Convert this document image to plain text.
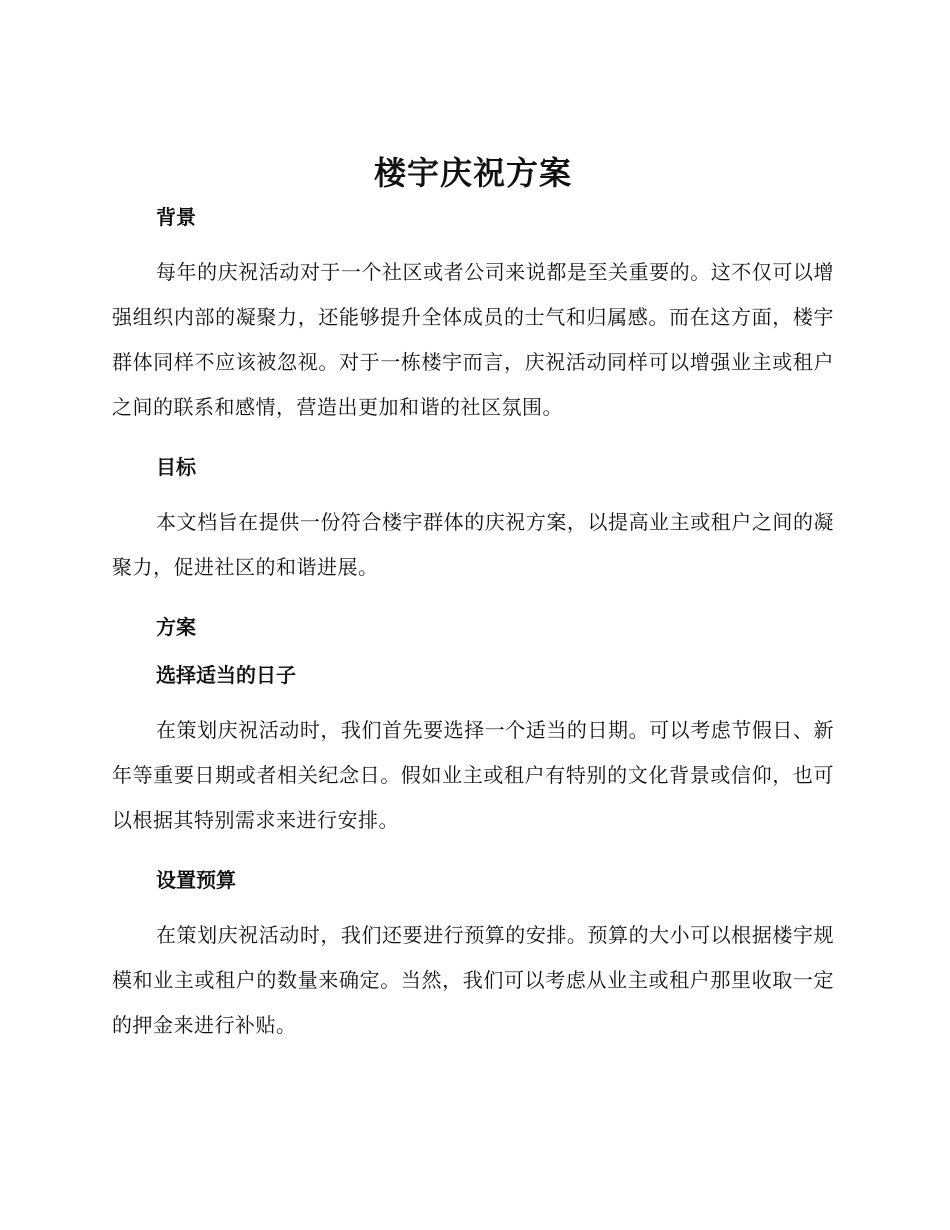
楼宇庆祝方案
背景

每年的庆祝活动对于一个社区或者公司来说都是至关重要的。这不仅可以增强组织内部的凝聚力，还能够提升全体成员的士气和归属感。而在这方面，楼宇群体同样不应该被忽视。对于一栋楼宇而言，庆祝活动同样可以增强业主或租户之间的联系和感情，营造出更加和谐的社区氛围。

目标

本文档旨在提供一份符合楼宇群体的庆祝方案，以提高业主或租户之间的凝聚力，促进社区的和谐进展。

方案
选择适当的日子

在策划庆祝活动时，我们首先要选择一个适当的日期。可以考虑节假日、新年等重要日期或者相关纪念日。假如业主或租户有特别的文化背景或信仰，也可以根据其特别需求来进行安排。

设置预算

在策划庆祝活动时，我们还要进行预算的安排。预算的大小可以根据楼宇规模和业主或租户的数量来确定。当然，我们可以考虑从业主或租户那里收取一定的押金来进行补贴。
